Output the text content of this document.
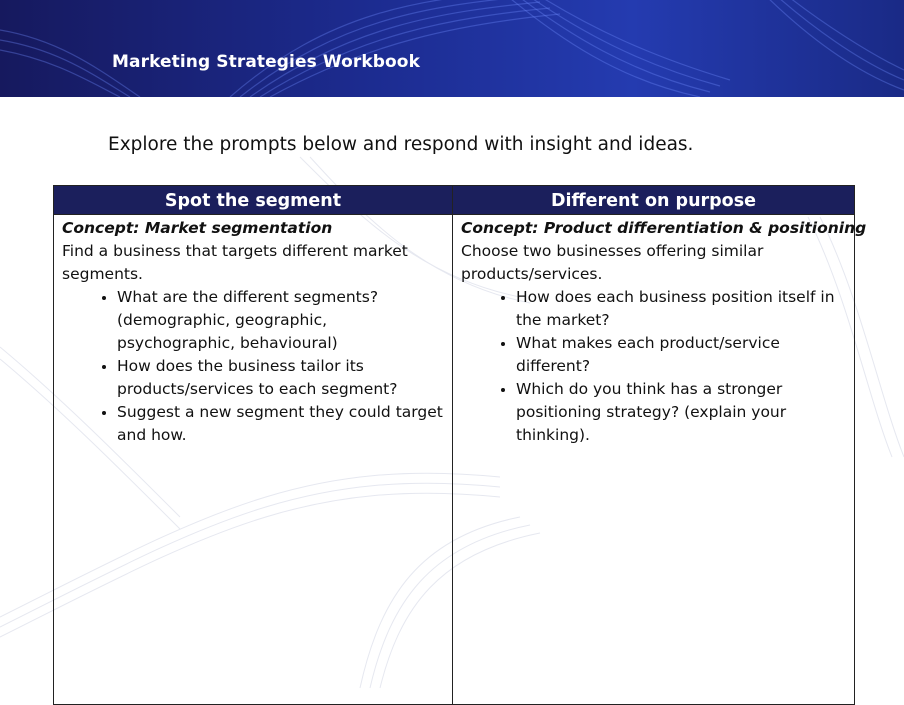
Marketing Strategies Workbook
Explore the prompts below and respond with insight and ideas.
Spot the segment
Concept: Market segmentation

Find a business that targets different market segments.

• What are the different segments? (demographic, geographic, psychographic, behavioural)
• How does the business tailor its products/services to each segment?
• Suggest a new segment they could target and how.
Different on purpose
Concept: Product differentiation & positioning

Choose two businesses offering similar products/services.

• How does each business position itself in the market?
• What makes each product/service different?
• Which do you think has a stronger positioning strategy? (explain your thinking).
